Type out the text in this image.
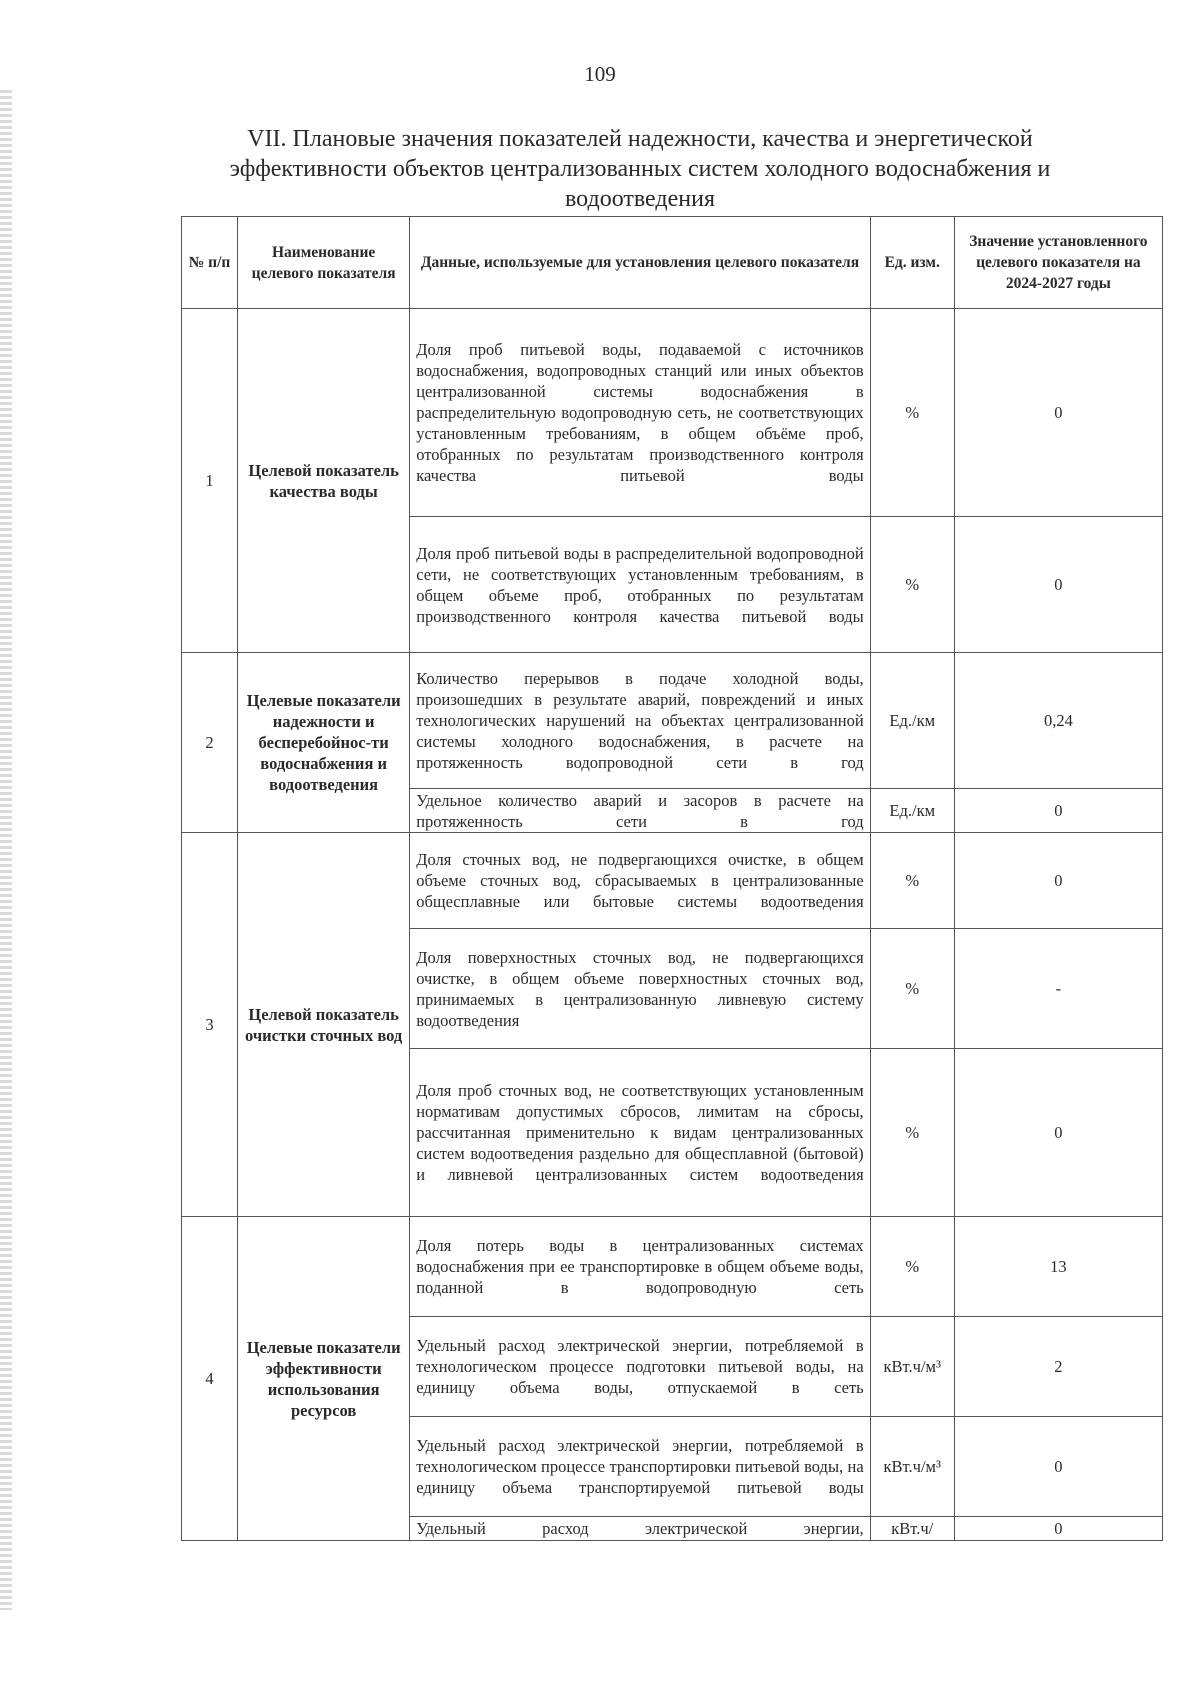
109
VII. Плановые значения показателей надежности, качества и энергетической эффективности объектов централизованных систем холодного водоснабжения и водоотведения
№ п/п	Наименование целевого показателя	Данные, используемые для установления целевого показателя	Ед. изм.	Значение установленного целевого показателя на 2024-2027 годы
1	Целевой показатель качества воды	Доля проб питьевой воды, подаваемой с источников водоснабжения, водопроводных станций или иных объектов централизованной системы водоснабжения в распределительную водопроводную сеть, не соответствующих установленным требованиям, в общем объёме проб, отобранных по результатам производственного контроля качества питьевой воды	%	0
		Доля проб питьевой воды в распределительной водопроводной сети, не соответствующих установленным требованиям, в общем объеме проб, отобранных по результатам производственного контроля качества питьевой воды	%	0
2	Целевые показатели надежности и бесперебойнос-ти водоснабжения и водоотведения	Количество перерывов в подаче холодной воды, произошедших в результате аварий, повреждений и иных технологических нарушений на объектах централизованной системы холодного водоснабжения, в расчете на протяженность водопроводной сети в год	Ед./км	0,24
		Удельное количество аварий и засоров в расчете на протяженность сети в год	Ед./км	0
3	Целевой показатель очистки сточных вод	Доля сточных вод, не подвергающихся очистке, в общем объеме сточных вод, сбрасываемых в централизованные общесплавные или бытовые системы водоотведения	%	0
		Доля поверхностных сточных вод, не подвергающихся очистке, в общем объеме поверхностных сточных вод, принимаемых в централизованную ливневую систему водоотведения	%	-
		Доля проб сточных вод, не соответствующих установленным нормативам допустимых сбросов, лимитам на сбросы, рассчитанная применительно к видам централизованных систем водоотведения раздельно для общесплавной (бытовой) и ливневой централизованных систем водоотведения	%	0
4	Целевые показатели эффективности использования ресурсов	Доля потерь воды в централизованных системах водоснабжения при ее транспортировке в общем объеме воды, поданной в водопроводную сеть	%	13
		Удельный расход электрической энергии, потребляемой в технологическом процессе подготовки питьевой воды, на единицу объема воды, отпускаемой в сеть	кВт.ч/м³	2
		Удельный расход электрической энергии, потребляемой в технологическом процессе транспортировки питьевой воды, на единицу объема транспортируемой питьевой воды	кВт.ч/м³	0
		Удельный расход электрической энергии,	кВт.ч/	0
